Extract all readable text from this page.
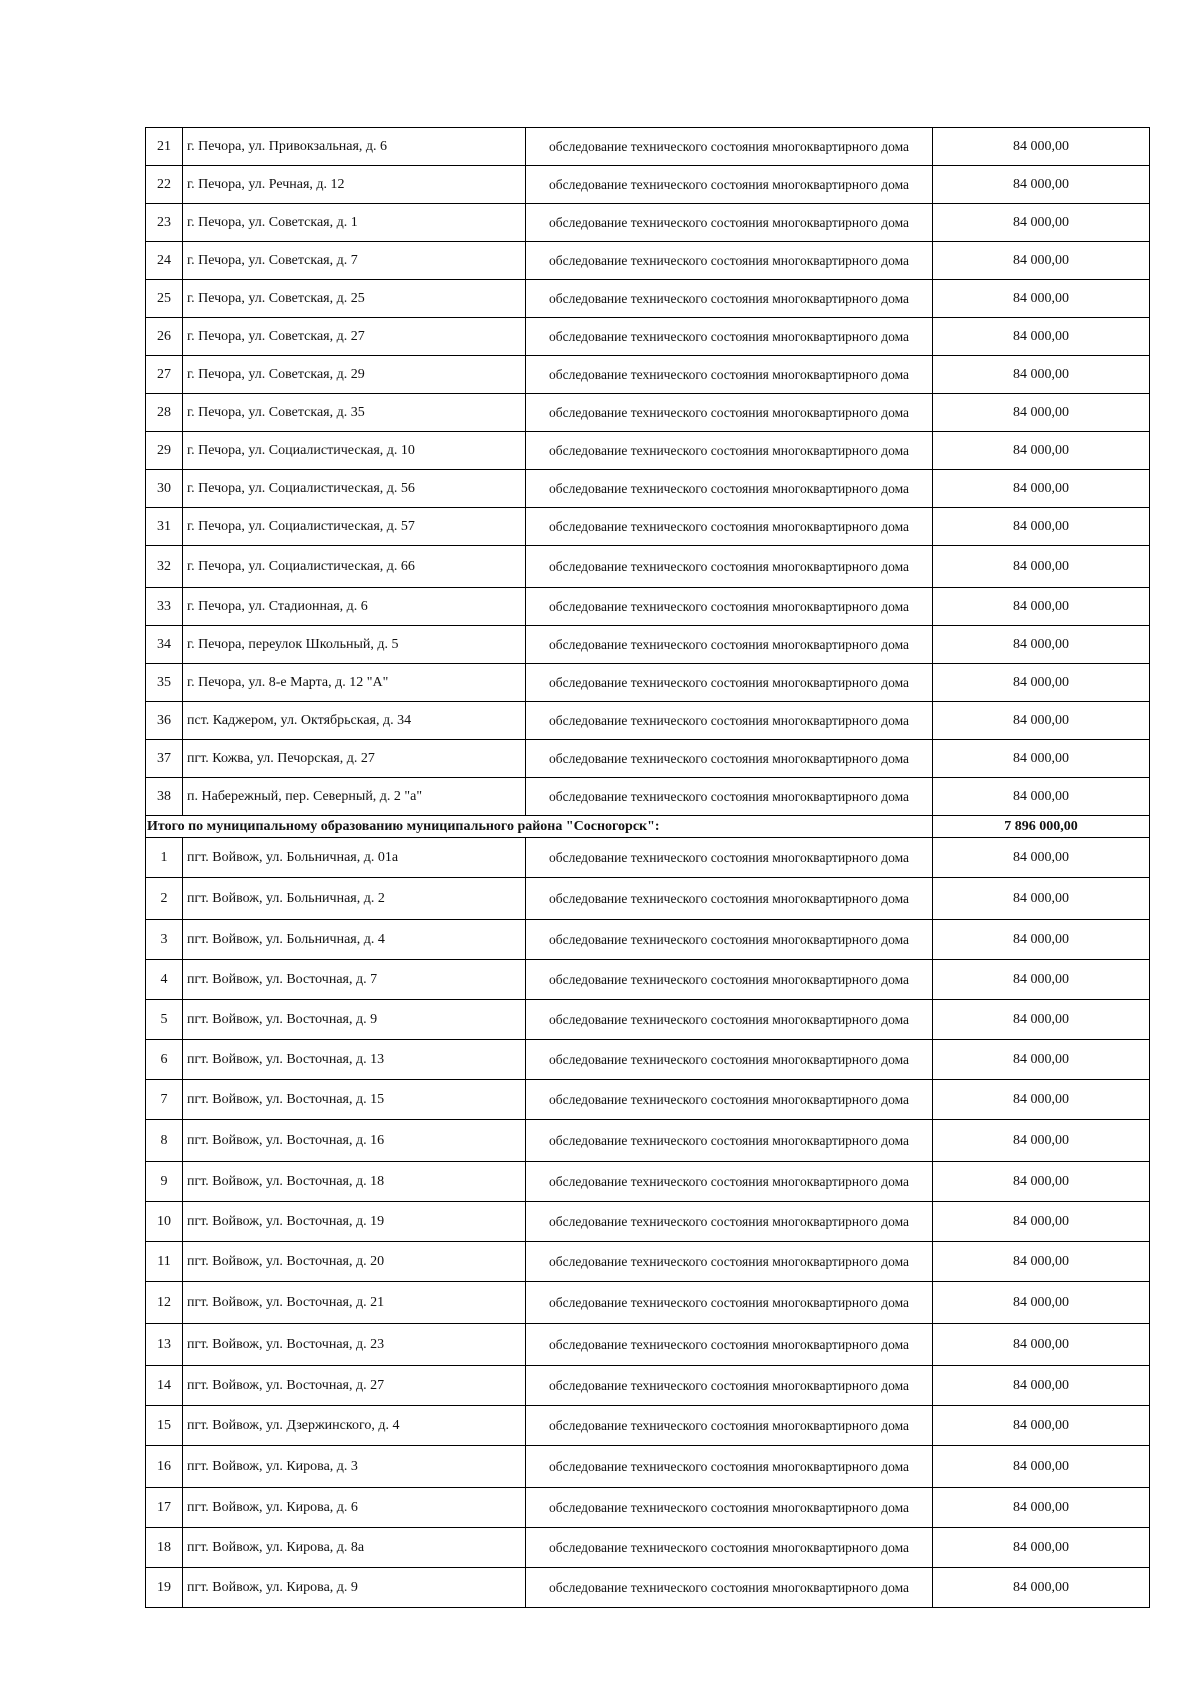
21	г. Печора, ул. Привокзальная, д. 6	обследование технического состояния многоквартирного дома	84 000,00
22	г. Печора, ул. Речная, д. 12	обследование технического состояния многоквартирного дома	84 000,00
23	г. Печора, ул. Советская, д. 1	обследование технического состояния многоквартирного дома	84 000,00
24	г. Печора, ул. Советская, д. 7	обследование технического состояния многоквартирного дома	84 000,00
25	г. Печора, ул. Советская, д. 25	обследование технического состояния многоквартирного дома	84 000,00
26	г. Печора, ул. Советская, д. 27	обследование технического состояния многоквартирного дома	84 000,00
27	г. Печора, ул. Советская, д. 29	обследование технического состояния многоквартирного дома	84 000,00
28	г. Печора, ул. Советская, д. 35	обследование технического состояния многоквартирного дома	84 000,00
29	г. Печора, ул. Социалистическая, д. 10	обследование технического состояния многоквартирного дома	84 000,00
30	г. Печора, ул. Социалистическая, д. 56	обследование технического состояния многоквартирного дома	84 000,00
31	г. Печора, ул. Социалистическая, д. 57	обследование технического состояния многоквартирного дома	84 000,00
32	г. Печора, ул. Социалистическая, д. 66	обследование технического состояния многоквартирного дома	84 000,00
33	г. Печора, ул. Стадионная, д. 6	обследование технического состояния многоквартирного дома	84 000,00
34	г. Печора, переулок Школьный, д. 5	обследование технического состояния многоквартирного дома	84 000,00
35	г. Печора, ул. 8-е Марта, д. 12 "А"	обследование технического состояния многоквартирного дома	84 000,00
36	пст. Каджером, ул. Октябрьская, д. 34	обследование технического состояния многоквартирного дома	84 000,00
37	пгт. Кожва, ул. Печорская, д. 27	обследование технического состояния многоквартирного дома	84 000,00
38	п. Набережный, пер. Северный, д. 2 "а"	обследование технического состояния многоквартирного дома	84 000,00
Итого по муниципальному образованию муниципального района "Сосногорск":			7 896 000,00
1	пгт. Войвож, ул. Больничная, д. 01а	обследование технического состояния многоквартирного дома	84 000,00
2	пгт. Войвож, ул. Больничная, д. 2	обследование технического состояния многоквартирного дома	84 000,00
3	пгт. Войвож, ул. Больничная, д. 4	обследование технического состояния многоквартирного дома	84 000,00
4	пгт. Войвож, ул. Восточная, д. 7	обследование технического состояния многоквартирного дома	84 000,00
5	пгт. Войвож, ул. Восточная, д. 9	обследование технического состояния многоквартирного дома	84 000,00
6	пгт. Войвож, ул. Восточная, д. 13	обследование технического состояния многоквартирного дома	84 000,00
7	пгт. Войвож, ул. Восточная, д. 15	обследование технического состояния многоквартирного дома	84 000,00
8	пгт. Войвож, ул. Восточная, д. 16	обследование технического состояния многоквартирного дома	84 000,00
9	пгт. Войвож, ул. Восточная, д. 18	обследование технического состояния многоквартирного дома	84 000,00
10	пгт. Войвож, ул. Восточная, д. 19	обследование технического состояния многоквартирного дома	84 000,00
11	пгт. Войвож, ул. Восточная, д. 20	обследование технического состояния многоквартирного дома	84 000,00
12	пгт. Войвож, ул. Восточная, д. 21	обследование технического состояния многоквартирного дома	84 000,00
13	пгт. Войвож, ул. Восточная, д. 23	обследование технического состояния многоквартирного дома	84 000,00
14	пгт. Войвож, ул. Восточная, д. 27	обследование технического состояния многоквартирного дома	84 000,00
15	пгт. Войвож, ул. Дзержинского, д. 4	обследование технического состояния многоквартирного дома	84 000,00
16	пгт. Войвож, ул. Кирова, д. 3	обследование технического состояния многоквартирного дома	84 000,00
17	пгт. Войвож, ул. Кирова, д. 6	обследование технического состояния многоквартирного дома	84 000,00
18	пгт. Войвож, ул. Кирова, д. 8а	обследование технического состояния многоквартирного дома	84 000,00
19	пгт. Войвож, ул. Кирова, д. 9	обследование технического состояния многоквартирного дома	84 000,00
